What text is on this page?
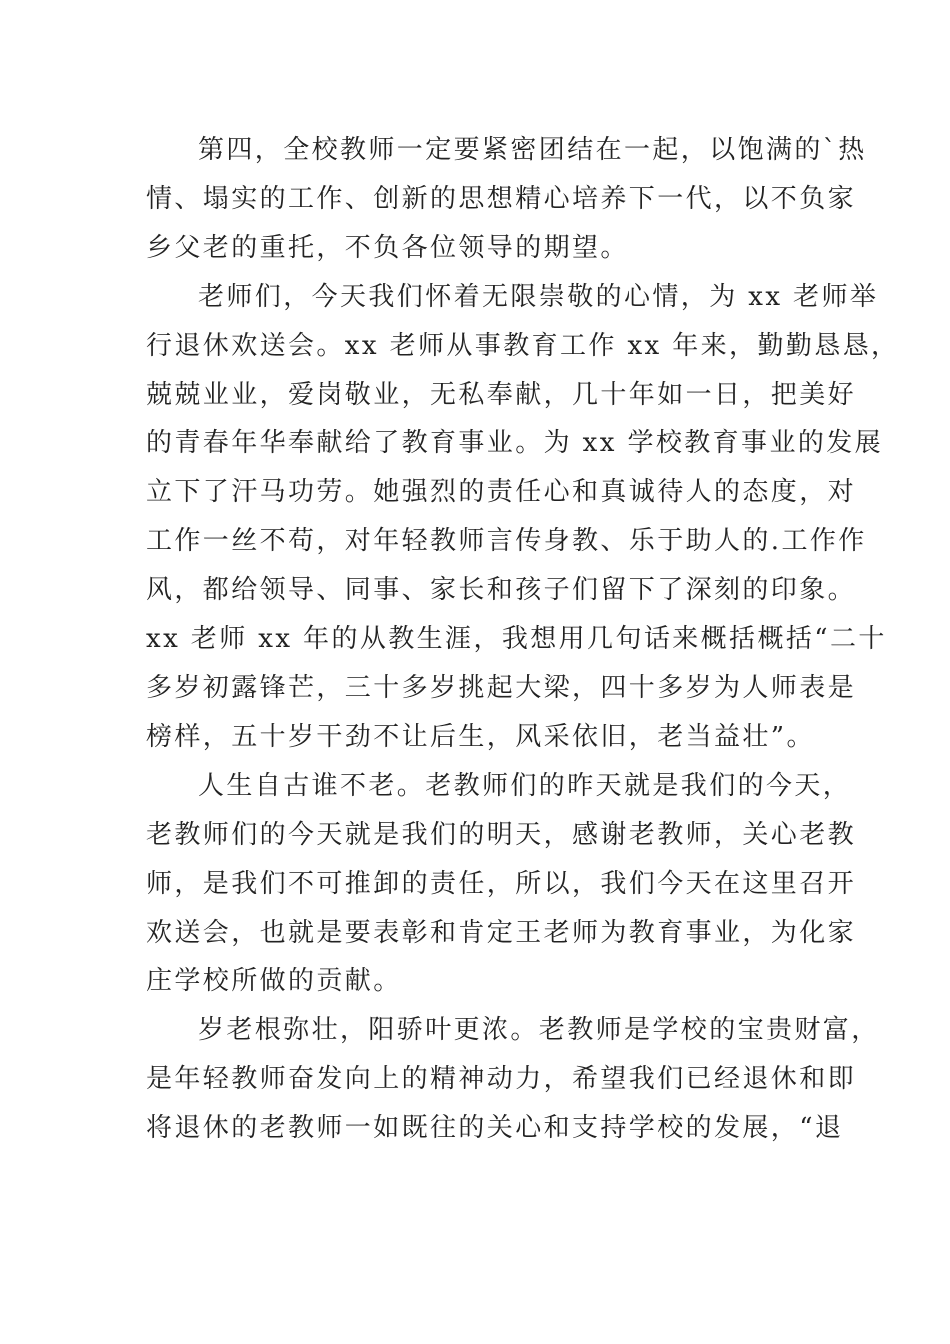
第四，全校教师一定要紧密团结在一起，以饱满的`热
情、塌实的工作、创新的思想精心培养下一代，以不负家
乡父老的重托，不负各位领导的期望。
老师们，今天我们怀着无限崇敬的心情，为 xx 老师举
行退休欢送会。xx 老师从事教育工作 xx 年来，勤勤恳恳，
兢兢业业，爱岗敬业，无私奉献，几十年如一日，把美好
的青春年华奉献给了教育事业。为 xx 学校教育事业的发展
立下了汗马功劳。她强烈的责任心和真诚待人的态度，对
工作一丝不苟，对年轻教师言传身教、乐于助人的.工作作
风，都给领导、同事、家长和孩子们留下了深刻的印象。
xx 老师 xx 年的从教生涯，我想用几句话来概括概括“二十
多岁初露锋芒，三十多岁挑起大梁，四十多岁为人师表是
榜样，五十岁干劲不让后生，风采依旧，老当益壮”。
人生自古谁不老。老教师们的昨天就是我们的今天，
老教师们的今天就是我们的明天，感谢老教师，关心老教
师，是我们不可推卸的责任，所以，我们今天在这里召开
欢送会，也就是要表彰和肯定王老师为教育事业，为化家
庄学校所做的贡献。
岁老根弥壮，阳骄叶更浓。老教师是学校的宝贵财富，
是年轻教师奋发向上的精神动力，希望我们已经退休和即
将退休的老教师一如既往的关心和支持学校的发展，“退
